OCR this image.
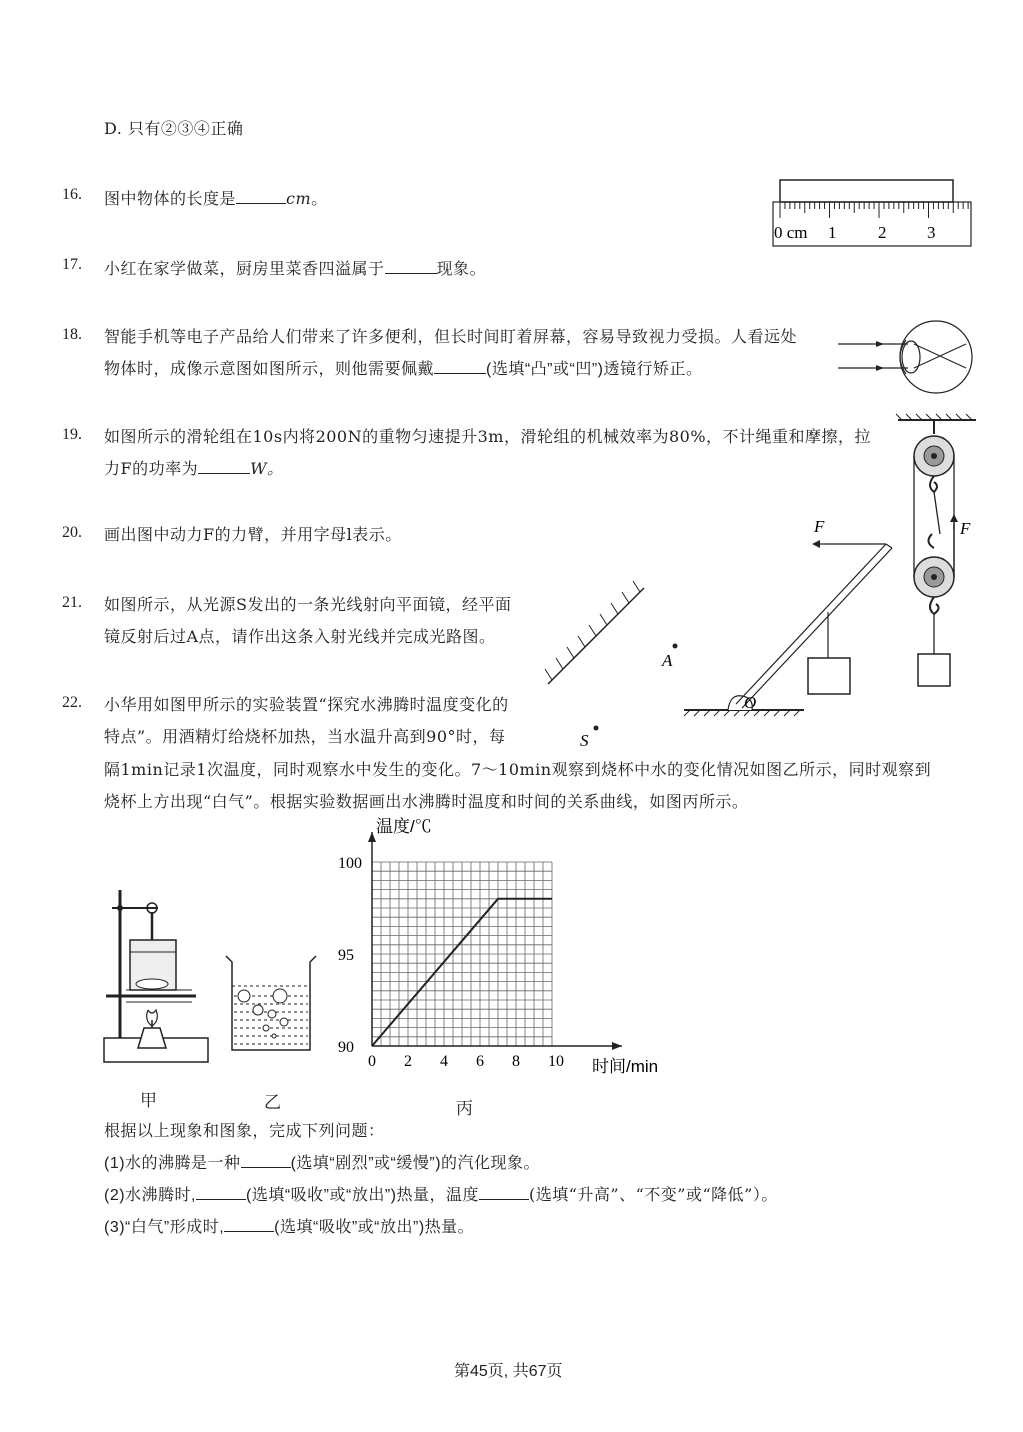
D. 只有②③④正确
16. 图中物体的长度是	cm。
0 cm 1 2 3
17. 小红在家学做菜，厨房里菜香四溢属于	现象。
18. 智能手机等电子产品给人们带来了许多便利，但长时间盯着屏幕，容易导致视力受损。人看远处
物体时，成像示意图如图所示，则他需要佩戴	(选填“凸”或“凹”)透镜行矫正。
19. 如图所示的滑轮组在10s内将200N的重物匀速提升3m，滑轮组的机械效率为80%，不计绳重和摩擦，拉
力F的功率为	W。
F
20. 画出图中动力F的力臂，并用字母l表示。	F
O
21. 如图所示，从光源S发出的一条光线射向平面镜，经平面
镜反射后过A点，请作出这条入射光线并完成光路图。
A
S
22. 小华用如图甲所示的实验装置“探究水沸腾时温度变化的
特点”。用酒精灯给烧杯加热，当水温升高到90°时，每
隔1min记录1次温度，同时观察水中发生的变化。7～10min观察到烧杯中水的变化情况如图乙所示，同时观察到
烧杯上方出现“白气”。根据实验数据画出水沸腾时温度和时间的关系曲线，如图丙所示。
甲	乙
0 2 4 6 8 10
90
95
100
温度/℃
时间/min
丙
根据以上现象和图象，完成下列问题：
(1)水的沸腾是一种	(选填“剧烈”或“缓慢”)的汽化现象。
(2)水沸腾时,	(选填“吸收”或“放出”)热量，温度	(选填“升高”、“不变”或“降低”）。
(3)“白气”形成时,	(选填“吸收”或“放出”)热量。
第45页, 共67页
